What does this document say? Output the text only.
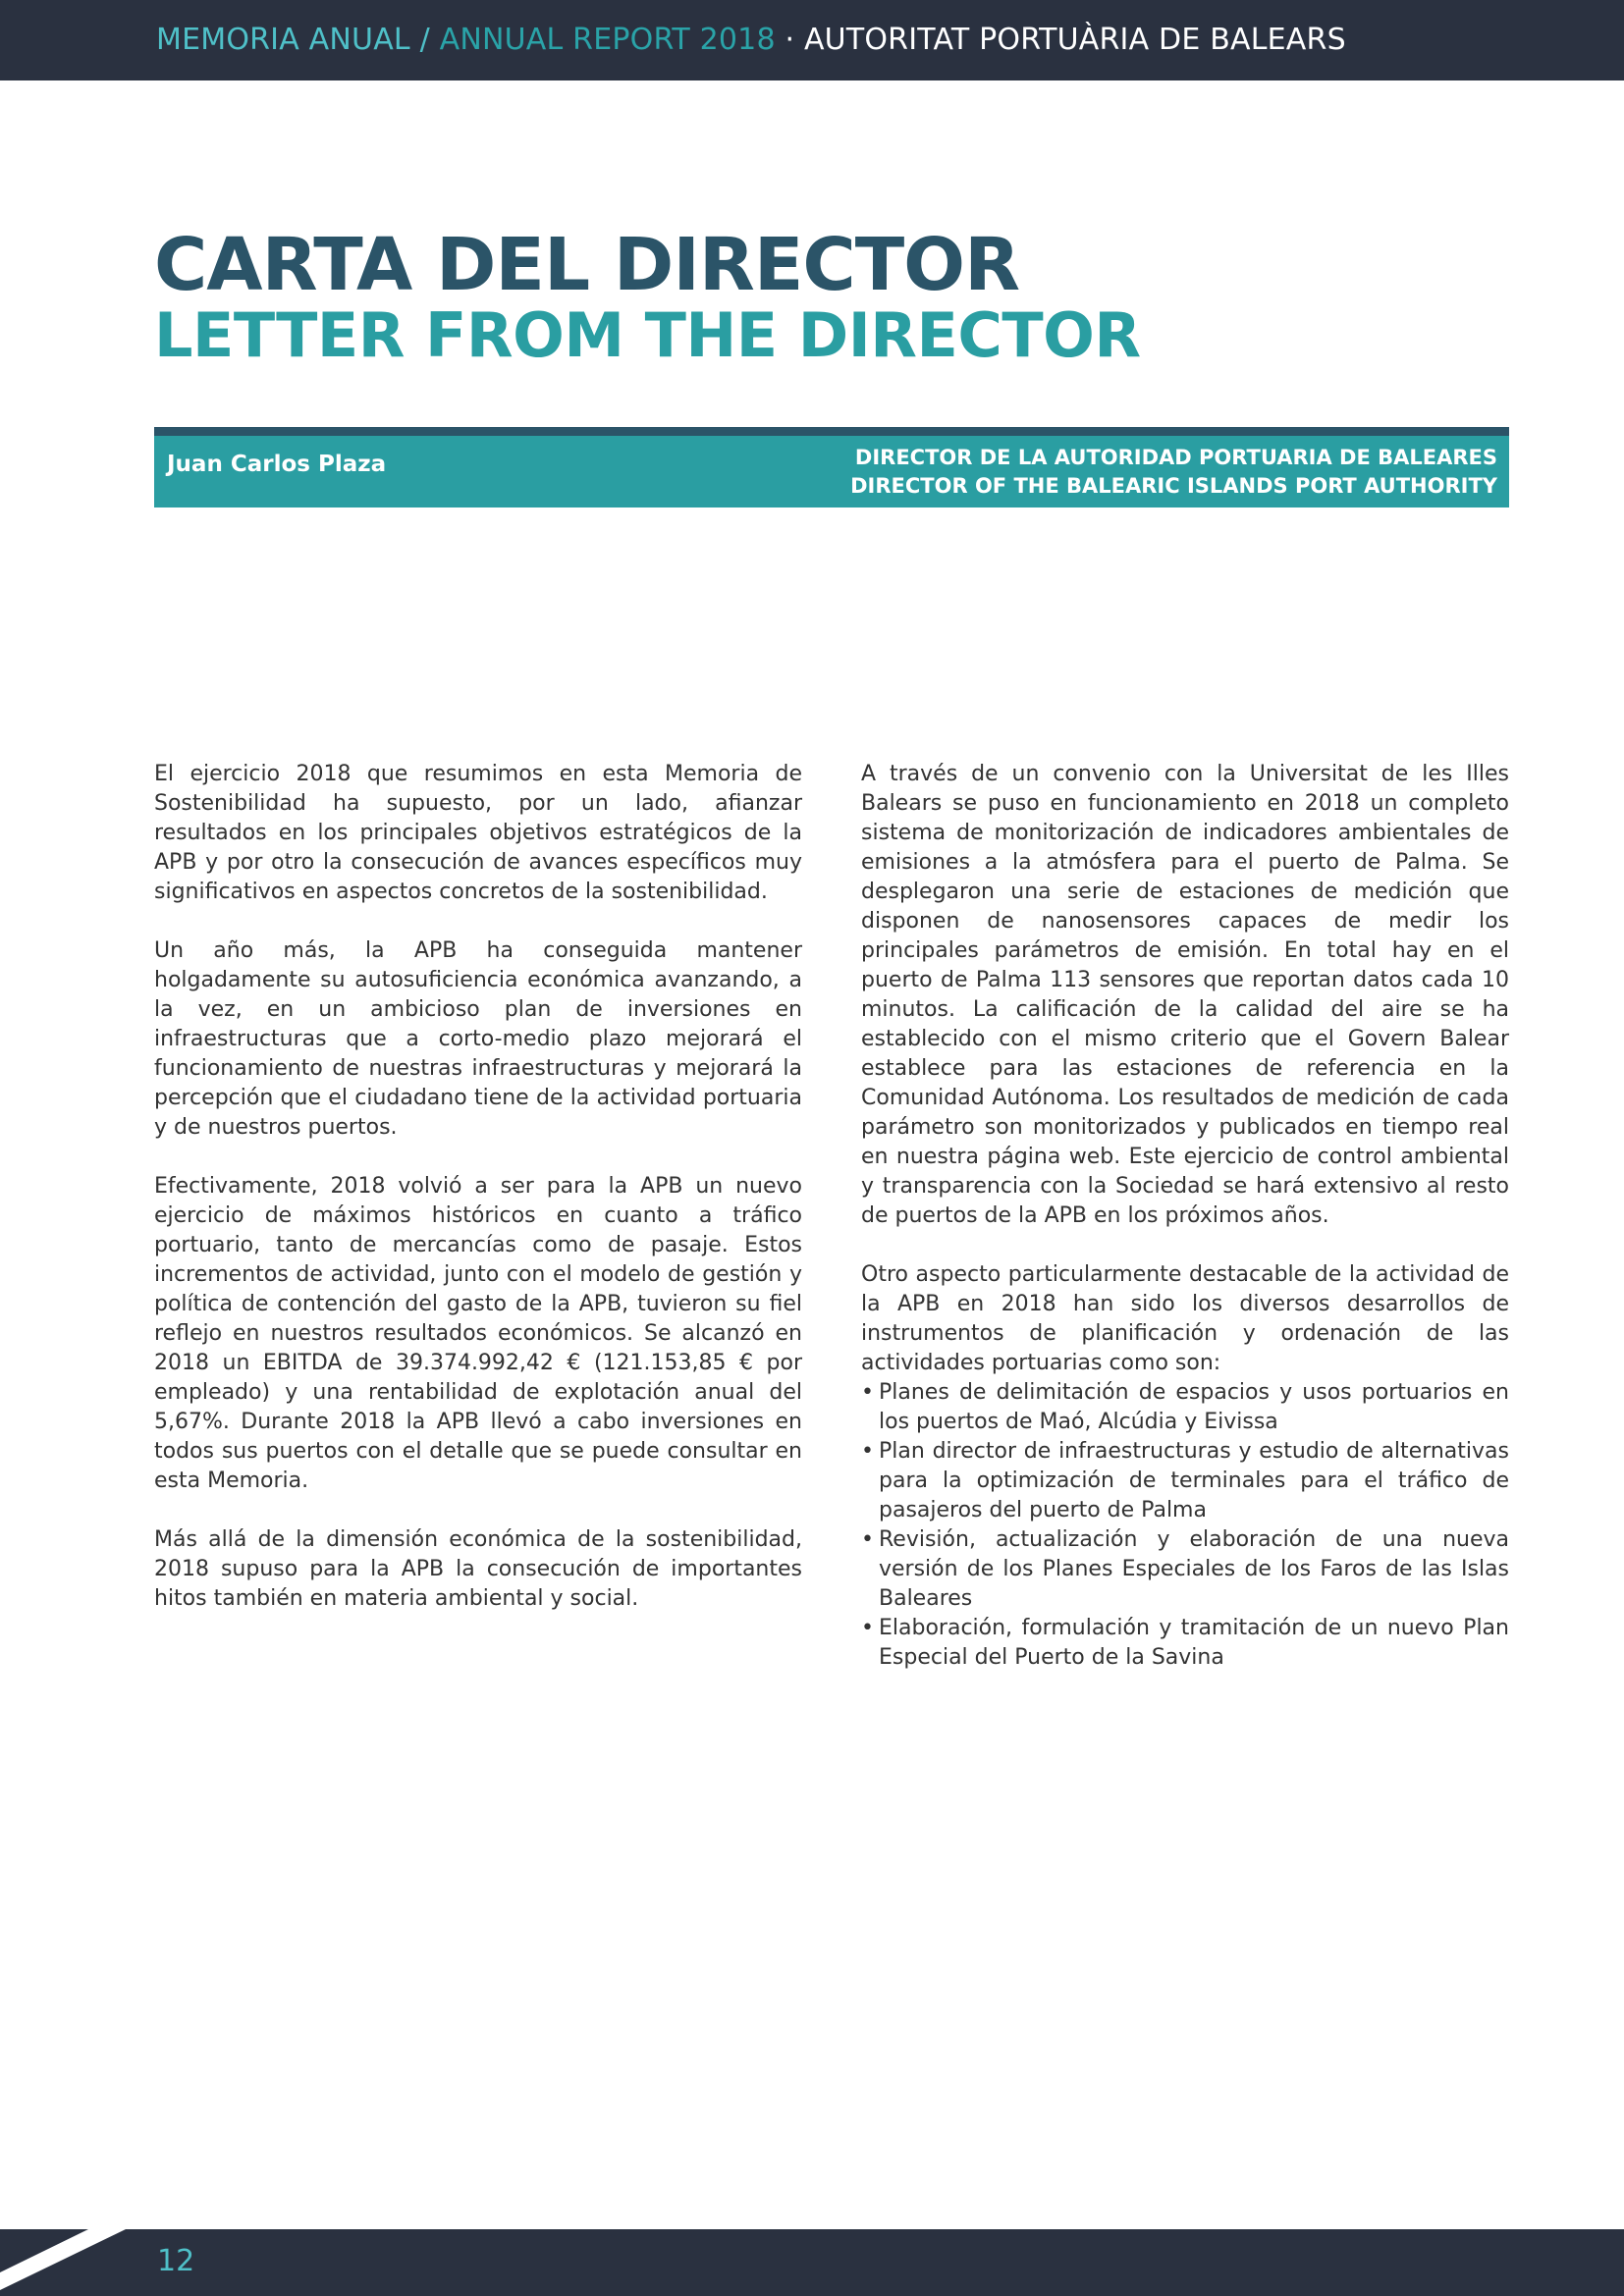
MEMORIA ANUAL / ANNUAL REPORT 2018 · AUTORITAT PORTUÀRIA DE BALEARS
CARTA DEL DIRECTOR
LETTER FROM THE DIRECTOR
Juan Carlos Plaza	DIRECTOR DE LA AUTORIDAD PORTUARIA DE BALEARES
DIRECTOR OF THE BALEARIC ISLANDS PORT AUTHORITY

El ejercicio 2018 que resumimos en esta Memoria de Sostenibilidad ha supuesto, por un lado, afianzar resultados en los principales objetivos estratégicos de la APB y por otro la consecución de avances específicos muy significativos en aspectos concretos de la sostenibilidad.

Un año más, la APB ha conseguida mantener holgadamente su autosuficiencia económica avanzando, a la vez, en un ambicioso plan de inversiones en infraestructuras que a corto-medio plazo mejorará el funcionamiento de nuestras infraestructuras y mejorará la percepción que el ciudadano tiene de la actividad portuaria y de nuestros puertos.

Efectivamente, 2018 volvió a ser para la APB un nuevo ejercicio de máximos históricos en cuanto a tráfico portuario, tanto de mercancías como de pasaje. Estos incrementos de actividad, junto con el modelo de gestión y política de contención del gasto de la APB, tuvieron su fiel reflejo en nuestros resultados económicos. Se alcanzó en 2018 un EBITDA de 39.374.992,42 € (121.153,85 € por empleado) y una rentabilidad de explotación anual del 5,67%. Durante 2018 la APB llevó a cabo inversiones en todos sus puertos con el detalle que se puede consultar en esta Memoria.

Más allá de la dimensión económica de la sostenibilidad, 2018 supuso para la APB la consecución de importantes hitos también en materia ambiental y social.

A través de un convenio con la Universitat de les Illes Balears se puso en funcionamiento en 2018 un completo sistema de monitorización de indicadores ambientales de emisiones a la atmósfera para el puerto de Palma. Se desplegaron una serie de estaciones de medición que disponen de nanosensores capaces de medir los principales parámetros de emisión. En total hay en el puerto de Palma 113 sensores que reportan datos cada 10 minutos. La calificación de la calidad del aire se ha establecido con el mismo criterio que el Govern Balear establece para las estaciones de referencia en la Comunidad Autónoma. Los resultados de medición de cada parámetro son monitorizados y publicados en tiempo real en nuestra página web. Este ejercicio de control ambiental y transparencia con la Sociedad se hará extensivo al resto de puertos de la APB en los próximos años.

Otro aspecto particularmente destacable de la actividad de la APB en 2018 han sido los diversos desarrollos de instrumentos de planificación y ordenación de las actividades portuarias como son:

• Planes de delimitación de espacios y usos portuarios en los puertos de Maó, Alcúdia y Eivissa
• Plan director de infraestructuras y estudio de alternativas para la optimización de terminales para el tráfico de pasajeros del puerto de Palma
• Revisión, actualización y elaboración de una nueva versión de los Planes Especiales de los Faros de las Islas Baleares
• Elaboración, formulación y tramitación de un nuevo Plan Especial del Puerto de la Savina
12
